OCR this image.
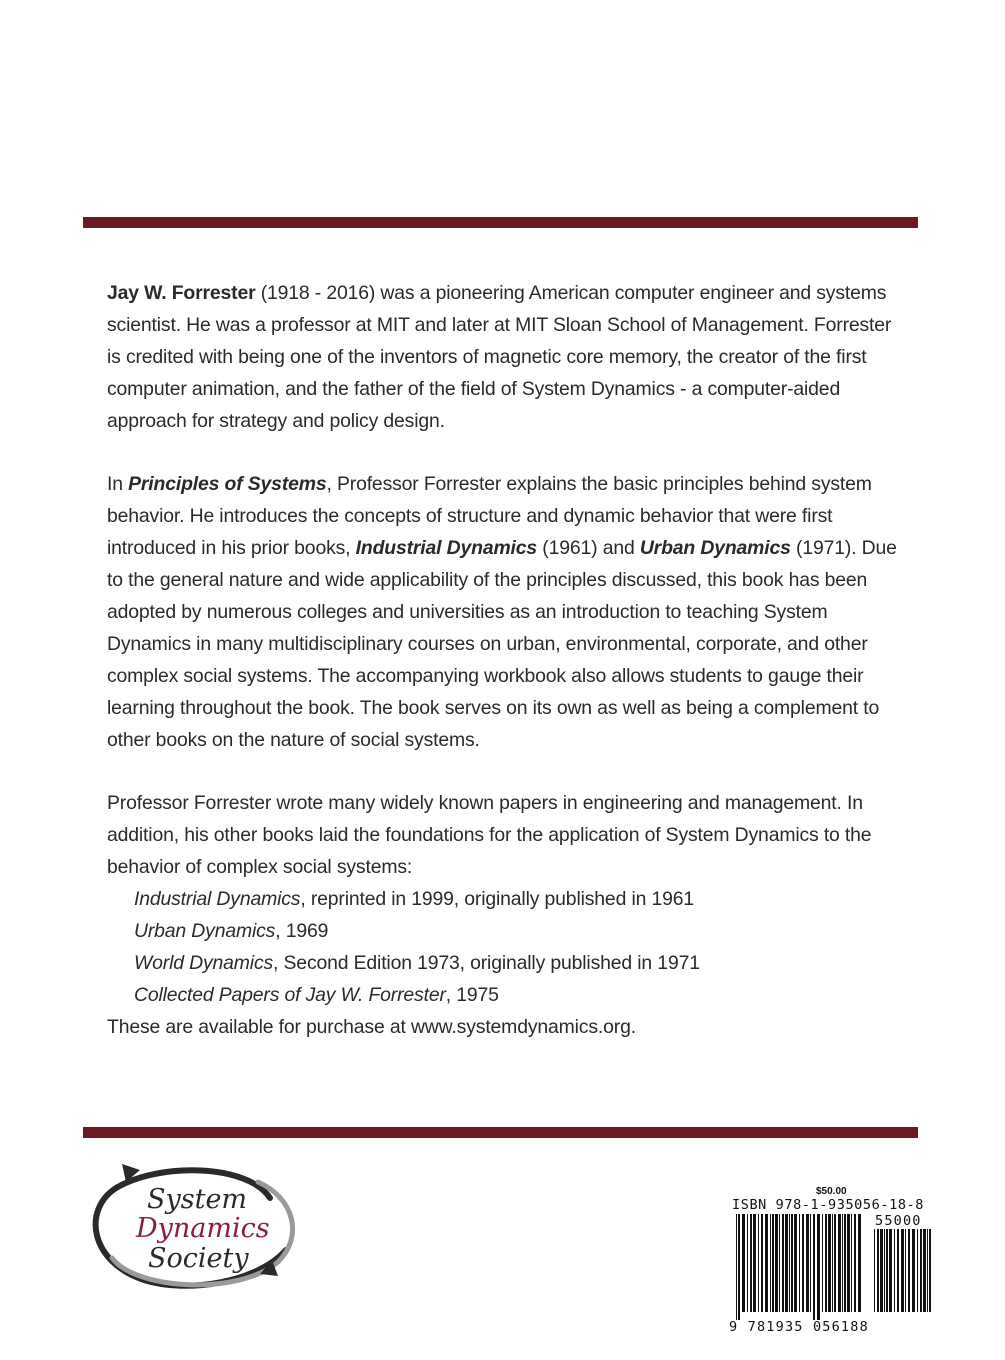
Jay W. Forrester (1918 - 2016) was a pioneering American computer engineer and systems scientist. He was a professor at MIT and later at MIT Sloan School of Management. Forrester is credited with being one of the inventors of magnetic core memory, the creator of the first computer animation, and the father of the field of System Dynamics - a computer-aided approach for strategy and policy design.

In Principles of Systems, Professor Forrester explains the basic principles behind system behavior. He introduces the concepts of structure and dynamic behavior that were first introduced in his prior books, Industrial Dynamics (1961) and Urban Dynamics (1971). Due to the general nature and wide applicability of the principles discussed, this book has been adopted by numerous colleges and universities as an introduction to teaching System Dynamics in many multidisciplinary courses on urban, environmental, corporate, and other complex social systems. The accompanying workbook also allows students to gauge their learning throughout the book. The book serves on its own as well as being a complement to other books on the nature of social systems.

Professor Forrester wrote many widely known papers in engineering and management. In addition, his other books laid the foundations for the application of System Dynamics to the behavior of complex social systems:
Industrial Dynamics, reprinted in 1999, originally published in 1961
Urban Dynamics, 1969
World Dynamics, Second Edition 1973, originally published in 1971
Collected Papers of Jay W. Forrester, 1975
These are available for purchase at www.systemdynamics.org.
System
Dynamics
Society
$50.00
ISBN 978-1-935056-18-8
55000
9 781935 056188
